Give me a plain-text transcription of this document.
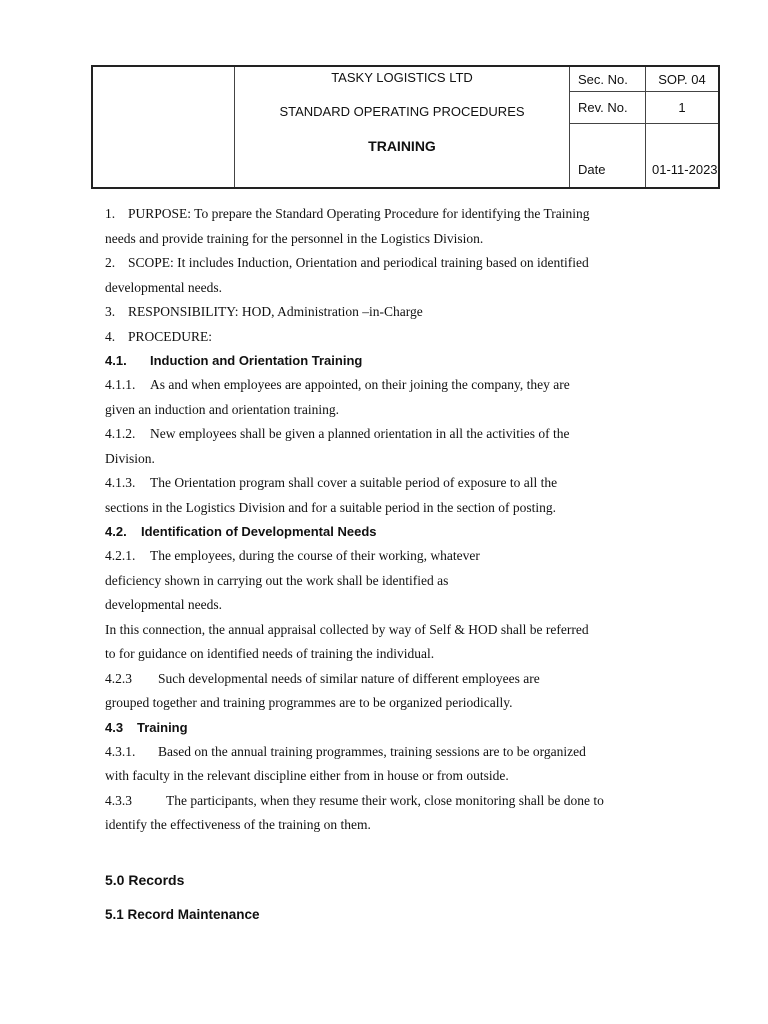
	TASKY LOGISTICS LTD
STANDARD OPERATING PROCEDURES
TRAINING	Sec. No.	SOP. 04
		Rev. No.	1
		Date	01-11-2023

1. PURPOSE: To prepare the Standard Operating Procedure for identifying the Training

needs and provide training for the personnel in the Logistics Division.

2. SCOPE: It includes Induction, Orientation and periodical training based on identified

developmental needs.

3. RESPONSIBILITY: HOD, Administration –in-Charge

4. PROCEDURE:

4.1. Induction and Orientation Training

4.1.1. As and when employees are appointed, on their joining the company, they are

given an induction and orientation training.

4.1.2. New employees shall be given a planned orientation in all the activities of the

Division.

4.1.3. The Orientation program shall cover a suitable period of exposure to all the

sections in the Logistics Division and for a suitable period in the section of posting.

4.2. Identification of Developmental Needs

4.2.1. The employees, during the course of their working, whatever

deficiency shown in carrying out the work shall be identified as

developmental needs.

In this connection, the annual appraisal collected by way of Self & HOD shall be referred

to for guidance on identified needs of training the individual.

4.2.3 Such developmental needs of similar nature of different employees are

grouped together and training programmes are to be organized periodically.

4.3 Training

4.3.1. Based on the annual training programmes, training sessions are to be organized

with faculty in the relevant discipline either from in house or from outside.

4.3.3	The participants, when they resume their work, close monitoring shall be done to

identify the effectiveness of the training on them.

5.0 Records
5.1 Record Maintenance
